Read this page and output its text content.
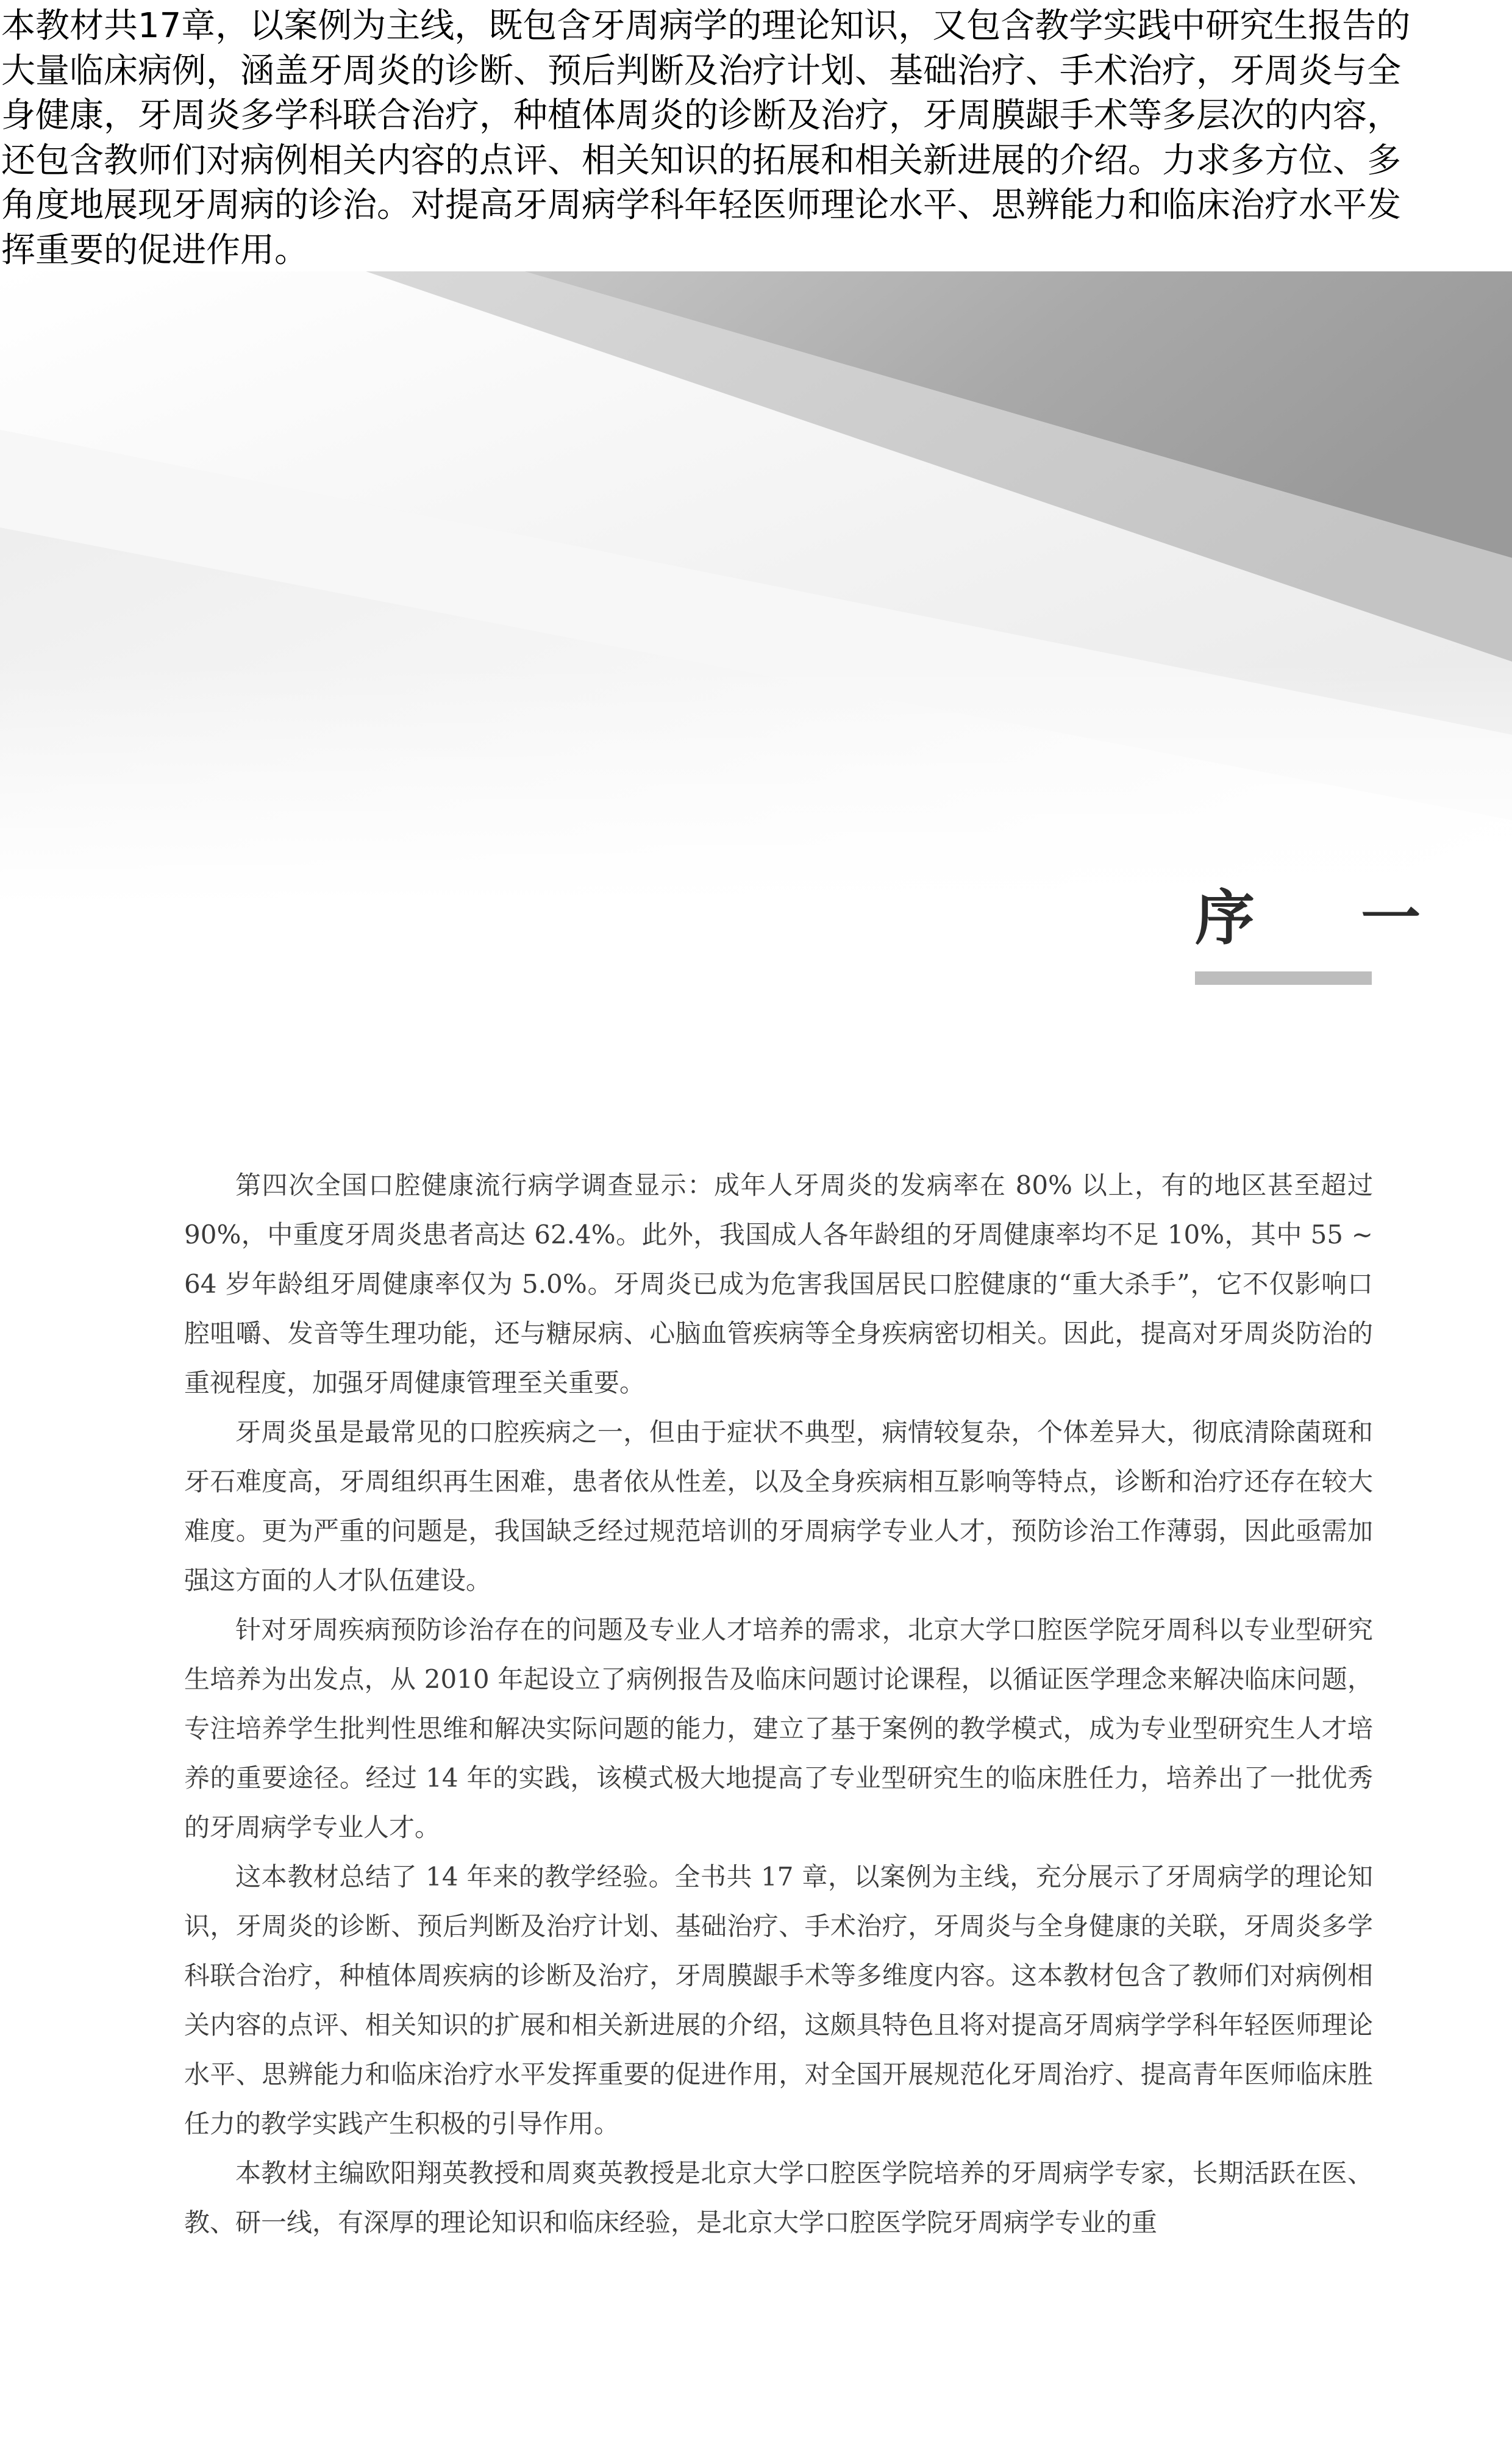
本教材共17章，以案例为主线，既包含牙周病学的理论知识，又包含教学实践中研究生报告的
大量临床病例，涵盖牙周炎的诊断、预后判断及治疗计划、基础治疗、手术治疗，牙周炎与全
身健康，牙周炎多学科联合治疗，种植体周炎的诊断及治疗，牙周膜龈手术等多层次的内容，
还包含教师们对病例相关内容的点评、相关知识的拓展和相关新进展的介绍。力求多方位、多
角度地展现牙周病的诊治。对提高牙周病学科年轻医师理论水平、思辨能力和临床治疗水平发
挥重要的促进作用。

序 一

第四次全国口腔健康流行病学调查显示：成年人牙周炎的发病率在 80% 以上，有的地区甚至超过 90%，中重度牙周炎患者高达 62.4%。此外，我国成人各年龄组的牙周健康率均不足 10%，其中 55 ~ 64 岁年龄组牙周健康率仅为 5.0%。牙周炎已成为危害我国居民口腔健康的“重大杀手”，它不仅影响口腔咀嚼、发音等生理功能，还与糖尿病、心脑血管疾病等全身疾病密切相关。因此，提高对牙周炎防治的重视程度，加强牙周健康管理至关重要。

牙周炎虽是最常见的口腔疾病之一，但由于症状不典型，病情较复杂，个体差异大，彻底清除菌斑和牙石难度高，牙周组织再生困难，患者依从性差，以及全身疾病相互影响等特点，诊断和治疗还存在较大难度。更为严重的问题是，我国缺乏经过规范培训的牙周病学专业人才，预防诊治工作薄弱，因此亟需加强这方面的人才队伍建设。

针对牙周疾病预防诊治存在的问题及专业人才培养的需求，北京大学口腔医学院牙周科以专业型研究生培养为出发点，从 2010 年起设立了病例报告及临床问题讨论课程，以循证医学理念来解决临床问题，专注培养学生批判性思维和解决实际问题的能力，建立了基于案例的教学模式，成为专业型研究生人才培养的重要途径。经过 14 年的实践，该模式极大地提高了专业型研究生的临床胜任力，培养出了一批优秀的牙周病学专业人才。

这本教材总结了 14 年来的教学经验。全书共 17 章，以案例为主线，充分展示了牙周病学的理论知识，牙周炎的诊断、预后判断及治疗计划、基础治疗、手术治疗，牙周炎与全身健康的关联，牙周炎多学科联合治疗，种植体周疾病的诊断及治疗，牙周膜龈手术等多维度内容。这本教材包含了教师们对病例相关内容的点评、相关知识的扩展和相关新进展的介绍，这颇具特色且将对提高牙周病学学科年轻医师理论水平、思辨能力和临床治疗水平发挥重要的促进作用，对全国开展规范化牙周治疗、提高青年医师临床胜任力的教学实践产生积极的引导作用。

本教材主编欧阳翔英教授和周爽英教授是北京大学口腔医学院培养的牙周病学专家，长期活跃在医、教、研一线，有深厚的理论知识和临床经验，是北京大学口腔医学院牙周病学专业的重
